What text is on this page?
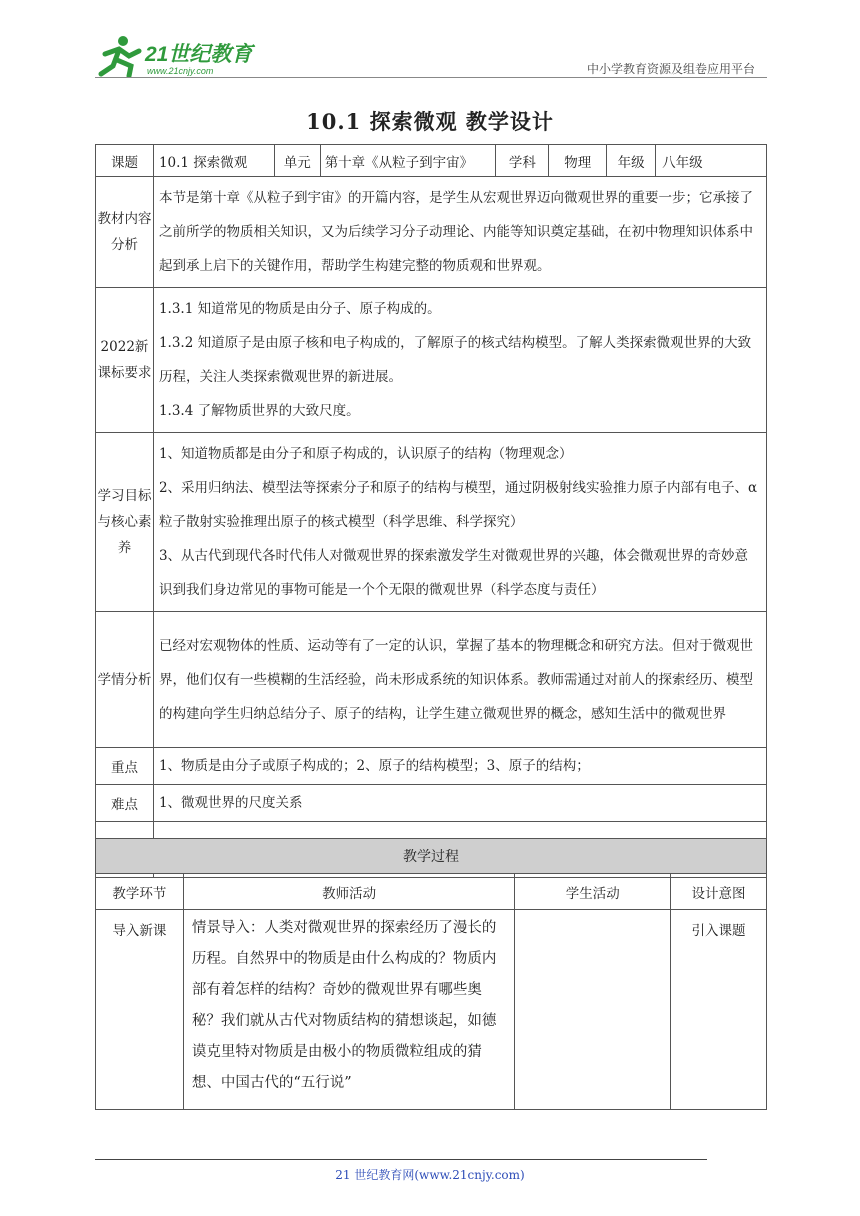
21世纪教育
www.21cnjy.com	中小学教育资源及组卷应用平台
10.1 探索微观 教学设计
课题	10.1 探索微观	单元	第十章《从粒子到宇宙》	学科	物理	年级	八年级
教材内容分析	本节是第十章《从粒子到宇宙》的开篇内容，是学生从宏观世界迈向微观世界的重要一步；它承接了之前所学的物质相关知识，又为后续学习分子动理论、内能等知识奠定基础，在初中物理知识体系中起到承上启下的关键作用，帮助学生构建完整的物质观和世界观。						
2022新课标要求	1.3.1 知道常见的物质是由分子、原子构成的。
1.3.2 知道原子是由原子核和电子构成的，了解原子的核式结构模型。了解人类探索微观世界的大致历程，关注人类探索微观世界的新进展。
1.3.4 了解物质世界的大致尺度。						

学习目标与核心素养	1、知道物质都是由分子和原子构成的，认识原子的结构（物理观念）
2、采用归纳法、模型法等探索分子和原子的结构与模型，通过阴极射线实验推力原子内部有电子、α粒子散射实验推理出原子的核式模型（科学思维、科学探究）
3、从古代到现代各时代伟人对微观世界的探索激发学生对微观世界的兴趣，体会微观世界的奇妙意识到我们身边常见的事物可能是一个个无限的微观世界（科学态度与责任）						

学情分析	已经对宏观物体的性质、运动等有了一定的认识，掌握了基本的物理概念和研究方法。但对于微观世界，他们仅有一些模糊的生活经验，尚未形成系统的知识体系。教师需通过对前人的探索经历、模型的构建向学生归纳总结分子、原子的结构，让学生建立微观世界的概念，感知生活中的微观世界						
重点	1、物质是由分子或原子构成的；2、原子的结构模型；3、原子的结构；						
难点	1、微观世界的尺度关系						

教学过程			
教学环节	教师活动	学生活动	设计意图
导入新课	情景导入：人类对微观世界的探索经历了漫长的历程。自然界中的物质是由什么构成的？物质内部有着怎样的结构？奇妙的微观世界有哪些奥秘？我们就从古代对物质结构的猜想谈起，如德谟克里特对物质是由极小的物质微粒组成的猜想、中国古代的“五行说”		引入课题
21 世纪教育网(www.21cnjy.com)
